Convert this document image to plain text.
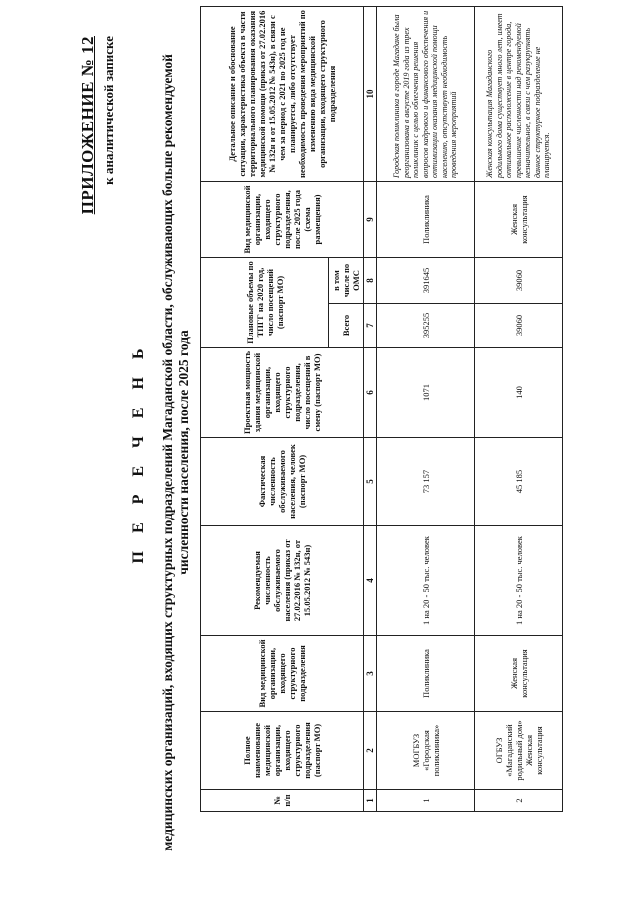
ПРИЛОЖЕНИЕ № 12 к аналитической записке
П Е Р Е Ч Е Н Ь медицинских организаций, входящих структурных подразделений Магаданской области, обслуживающих больше рекомендуемой численности населения, после 2025 года
№ п/п	Полное наименование медицинской организации, входящего структурного подразделения (паспорт МО)	Вид медицинской организации, входящего структурного подразделения	Рекомендуемая численность обслуживаемого населения (приказ от 27.02.2016 № 132н, от 15.05.2012 № 543н)	Фактическая численность обслуживаемого населения, человек (паспорт МО)	Проектная мощность здания медицинской организации, входящего структурного подразделения, число посещений в смену (паспорт МО)	Плановые объемы по ТПГГ на 2020 год, число посещений (паспорт МО)		Вид медицинской организации, входящего структурного подразделения, после 2025 года (схема размещения)	Детальное описание и обоснование ситуации, характеристика объекта в части территориального планирования оказания медицинской помощи (приказ от 27.02.2016 № 132н и от 15.05.2012 № 543н), в связи с чем за период с 2021 по 2025 год не планируется, либо отсутствует необходимость проведения мероприятий по изменению вида медицинской организации, входящего структурного подразделения
						Всего	в том числе по ОМС		
1	2	3	4	5	6	7	8	9	10
1	МОГБУЗ «Городская поликлиника»	Поликлиника	1 на 20 - 50 тыс. человек	73 157	1071	395255	391645	Поликлиника	Городская поликлиника в городе Магадане была реорганизована в августе 2019 года из трех поликлиник с целью облегчения решения вопросов кадрового и финансового обеспечения и оптимизации оказания медицинской помощи населению, отсутствует необходимость проведения мероприятий
2	ОГБУЗ «Магаданский родильный дом» Женская консультация	Женская консультация	1 на 20 - 50 тыс. человек	45 185	140	39060	39060	Женская консультация	Женская консультация Магаданского родильного дома существует много лет, имеет оптимальное расположение в центре города, превышение численности над рекомендуемой незначительное, в связи с чем разукрупнять данное структурное подразделение не планируется.
